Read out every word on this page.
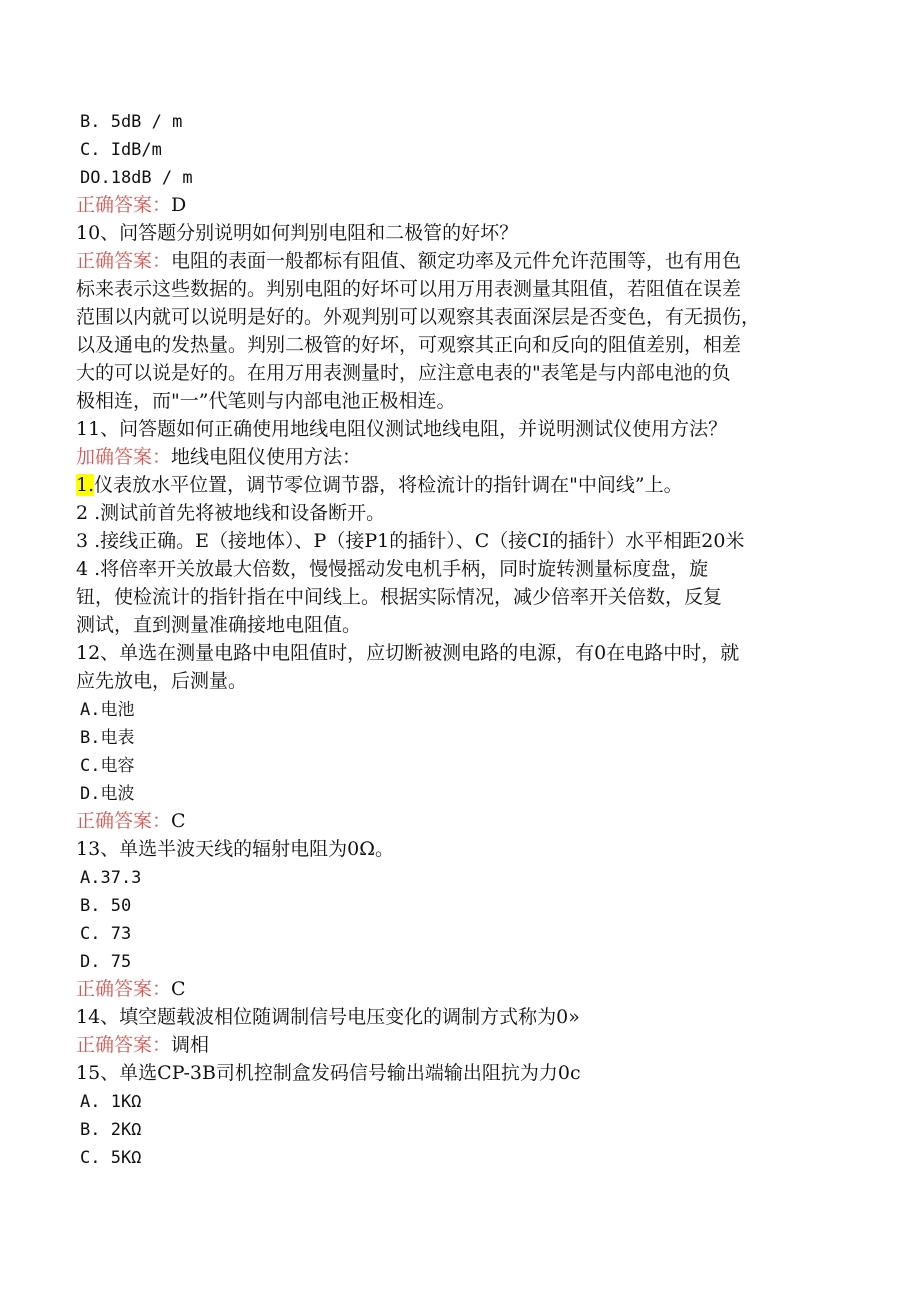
B. 5dB / m
C. IdB/m
DO.18dB / m
正确答案：D
10、问答题分别说明如何判别电阻和二极管的好坏？
正确答案：电阻的表面一般都标有阻值、额定功率及元件允许范围等，也有用色
标来表示这些数据的。判别电阻的好坏可以用万用表测量其阻值，若阻值在误差
范围以内就可以说明是好的。外观判别可以观察其表面深层是否变色，有无损伤，
以及通电的发热量。判别二极管的好坏，可观察其正向和反向的阻值差别，相差
大的可以说是好的。在用万用表测量时，应注意电表的"表笔是与内部电池的负
极相连，而"一”代笔则与内部电池正极相连。
11、问答题如何正确使用地线电阻仪测试地线电阻，并说明测试仪使用方法？
加确答案：地线电阻仪使用方法：
1.仪表放水平位置，调节零位调节器，将检流计的指针调在"中间线”上。
2 .测试前首先将被地线和设备断开。
3 .接线正确。E（接地体）、P（接P1的插针）、C（接CI的插针）水平相距20米
4 .将倍率开关放最大倍数，慢慢摇动发电机手柄，同时旋转测量标度盘，旋
钮，使检流计的指针指在中间线上。根据实际情况，减少倍率开关倍数，反复
测试，直到测量准确接地电阻值。
12、单选在测量电路中电阻值时，应切断被测电路的电源，有0在电路中时，就
应先放电，后测量。
A.电池
B.电表
C.电容
D.电波
正确答案：C
13、单选半波天线的辐射电阻为0Ω。
A.37.3
B. 50
C. 73
D. 75
正确答案：C
14、填空题载波相位随调制信号电压变化的调制方式称为0»
正确答案：调相
15、单选CP-3B司机控制盒发码信号输出端输出阻抗为力0c
A. 1KΩ
B. 2KΩ
C. 5KΩ
